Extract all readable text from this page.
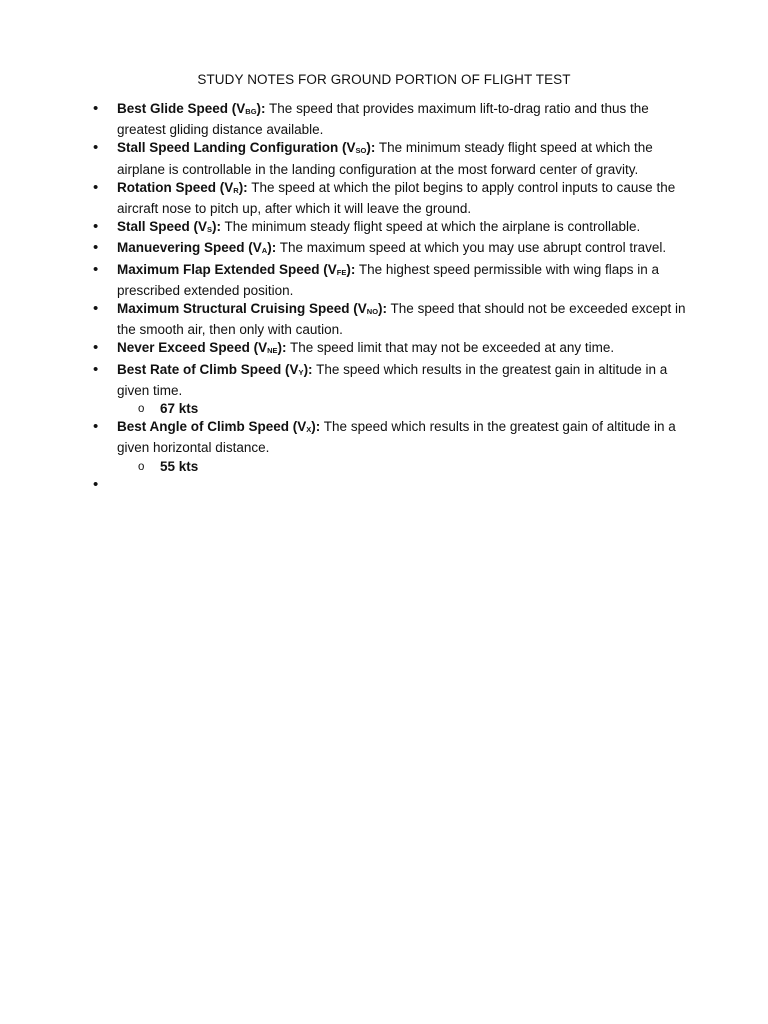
STUDY NOTES FOR GROUND PORTION OF FLIGHT TEST
• Best Glide Speed (VBG): The speed that provides maximum lift-to-drag ratio and thus the greatest gliding distance available.
• Stall Speed Landing Configuration (VSO): The minimum steady flight speed at which the airplane is controllable in the landing configuration at the most forward center of gravity.
• Rotation Speed (VR): The speed at which the pilot begins to apply control inputs to cause the aircraft nose to pitch up, after which it will leave the ground.
• Stall Speed (VS): The minimum steady flight speed at which the airplane is controllable.
• Manuevering Speed (VA): The maximum speed at which you may use abrupt control travel.
• Maximum Flap Extended Speed (VFE): The highest speed permissible with wing flaps in a prescribed extended position.
• Maximum Structural Cruising Speed (VNO): The speed that should not be exceeded except in the smooth air, then only with caution.
• Never Exceed Speed (VNE): The speed limit that may not be exceeded at any time.
• Best Rate of Climb Speed (VY): The speed which results in the greatest gain in altitude in a given time.
o 67 kts
• Best Angle of Climb Speed (VX): The speed which results in the greatest gain of altitude in a given horizontal distance.
o 55 kts
•
